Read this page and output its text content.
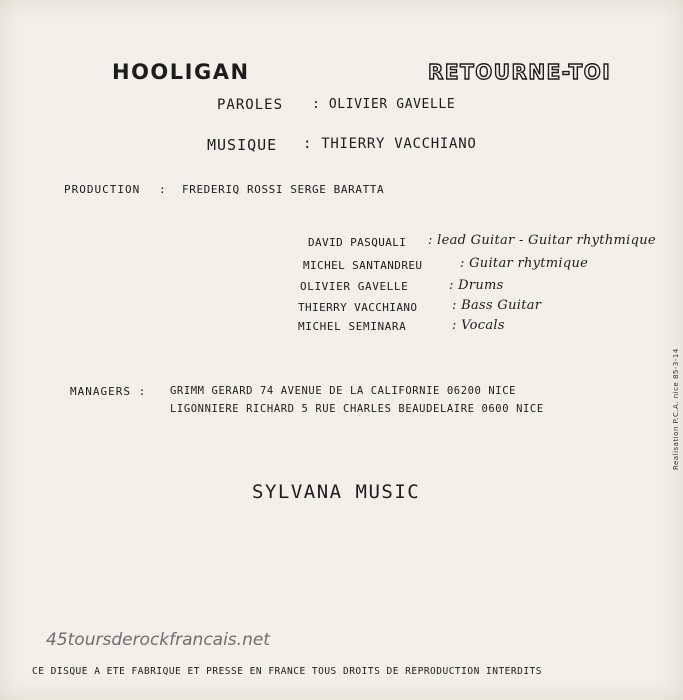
HOOLIGAN	RETOURNE-TOI
PAROLES : OLIVIER GAVELLE
MUSIQUE : THIERRY VACCHIANO
PRODUCTION : FREDERIQ ROSSI SERGE BARATTA
DAVID PASQUALI : lead Guitar - Guitar rhythmique
MICHEL SANTANDREU	: Guitar rhytmique
OLIVIER GAVELLE	: Drums
THIERRY VACCHIANO	: Bass Guitar
MICHEL SEMINARA	: Vocals
MANAGERS : GRIMM GERARD 74 AVENUE DE LA CALIFORNIE 06200 NICE
LIGONNIERE RICHARD 5 RUE CHARLES BEAUDELAIRE 0600 NICE
SYLVANA MUSIC
Realisation P.C.A. nice 85-3-14
45toursderockfrancais.net
CE DISQUE A ETE FABRIQUE ET PRESSE EN FRANCE TOUS DROITS DE REPRODUCTION INTERDITS
